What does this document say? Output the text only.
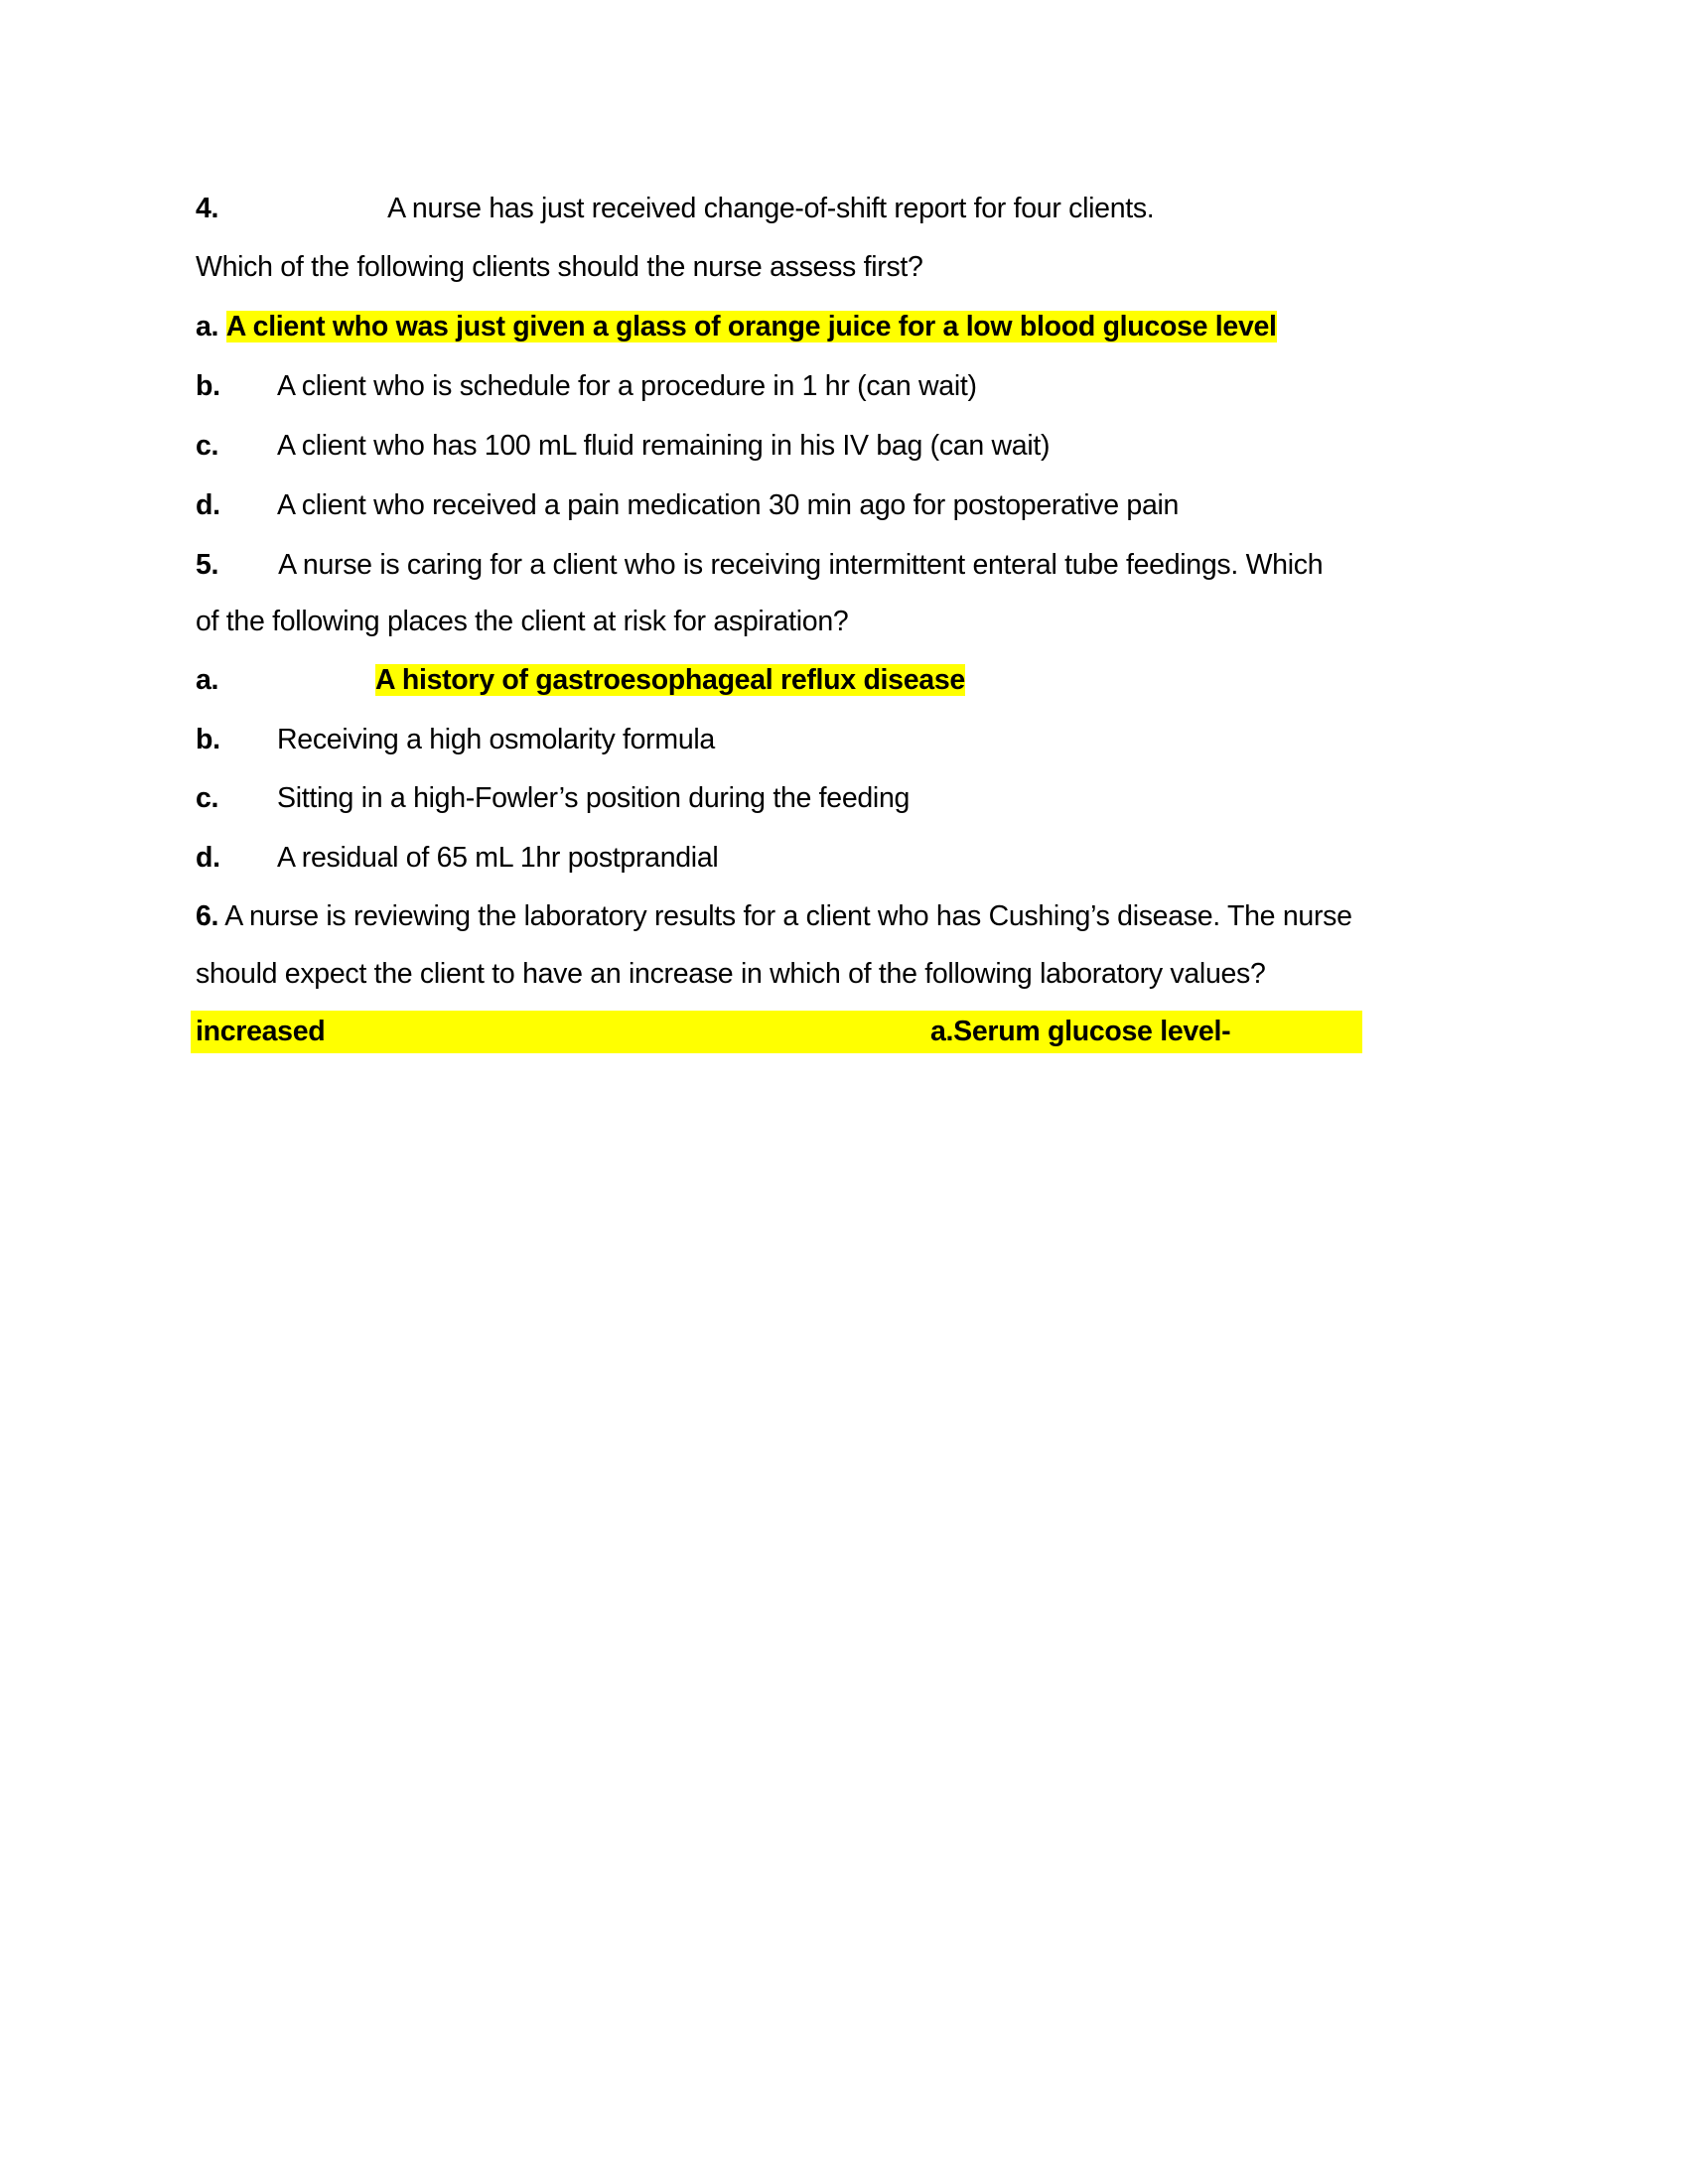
4.	A nurse has just received change-of-shift report for four clients.
Which of the following clients should the nurse assess first?
a. A client who was just given a glass of orange juice for a low blood glucose level
b. A client who is schedule for a procedure in 1 hr (can wait)
c. A client who has 100 mL fluid remaining in his IV bag (can wait)
d. A client who received a pain medication 30 min ago for postoperative pain
5. A nurse is caring for a client who is receiving intermittent enteral tube feedings. Which
of the following places the client at risk for aspiration?
a.	A history of gastroesophageal reflux disease
b. Receiving a high osmolarity formula
c. Sitting in a high-Fowler’s position during the feeding
d. A residual of 65 mL 1hr postprandial
6. A nurse is reviewing the laboratory results for a client who has Cushing’s disease. The nurse
should expect the client to have an increase in which of the following laboratory values?
increased	a.Serum glucose level-
